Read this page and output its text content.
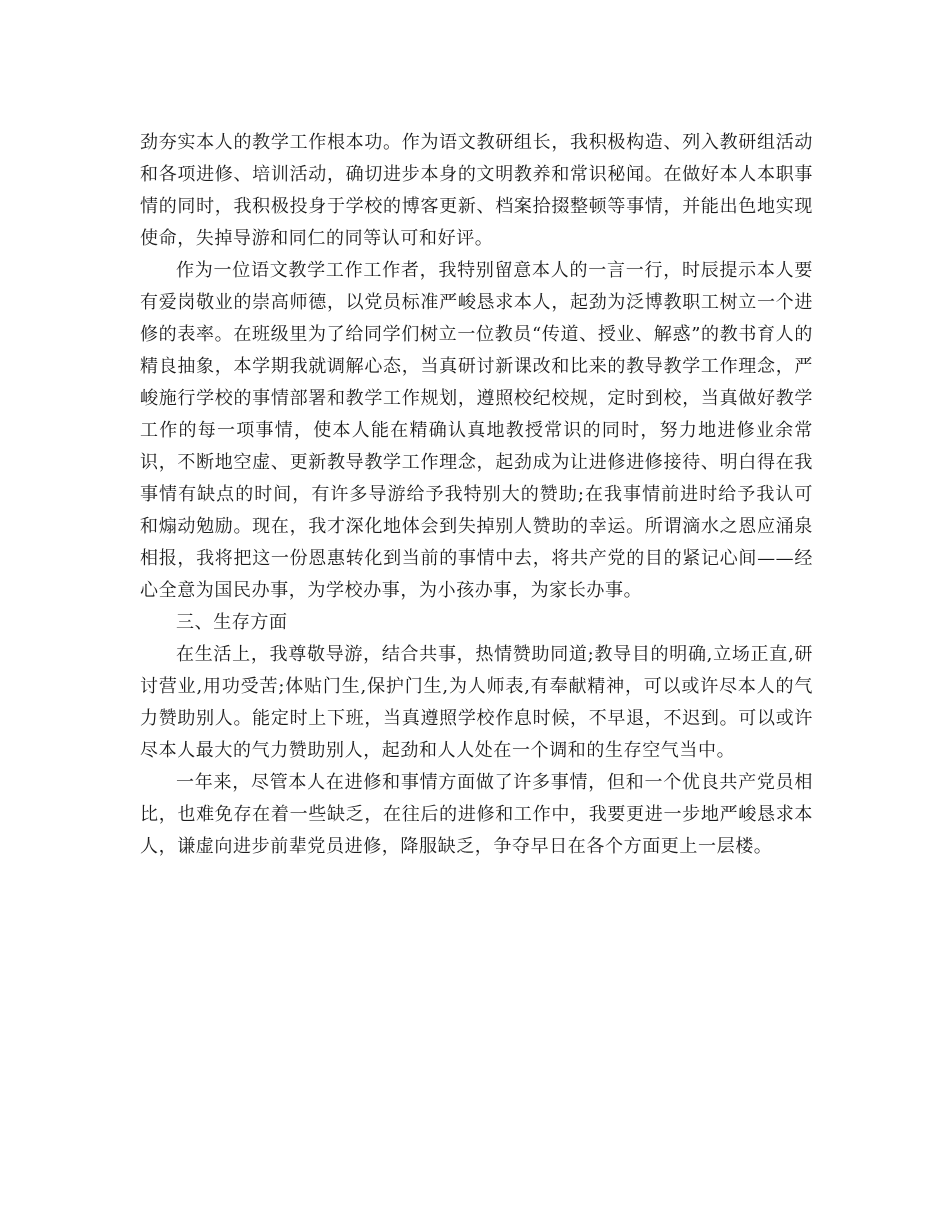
劲夯实本人的教学工作根本功。作为语文教研组长，我积极构造、列入教研组活动和各项进修、培训活动，确切进步本身的文明教养和常识秘闻。在做好本人本职事情的同时，我积极投身于学校的博客更新、档案拾掇整顿等事情，并能出色地实现使命，失掉导游和同仁的同等认可和好评。

作为一位语文教学工作工作者，我特别留意本人的一言一行，时辰提示本人要有爱岗敬业的崇高师德，以党员标准严峻恳求本人，起劲为泛博教职工树立一个进修的表率。在班级里为了给同学们树立一位教员“传道、授业、解惑”的教书育人的精良抽象，本学期我就调解心态，当真研讨新课改和比来的教导教学工作理念，严峻施行学校的事情部署和教学工作规划，遵照校纪校规，定时到校，当真做好教学工作的每一项事情，使本人能在精确认真地教授常识的同时，努力地进修业余常识，不断地空虚、更新教导教学工作理念，起劲成为让进修进修接待、明白得在我事情有缺点的时间，有许多导游给予我特别大的赞助;在我事情前进时给予我认可和煽动勉励。现在，我才深化地体会到失掉别人赞助的幸运。所谓滴水之恩应涌泉相报，我将把这一份恩惠转化到当前的事情中去，将共产党的目的紧记心间——经心全意为国民办事，为学校办事，为小孩办事，为家长办事。

三、生存方面

在生活上，我尊敬导游，结合共事，热情赞助同道;教导目的明确,立场正直,研讨营业,用功受苦;体贴门生,保护门生,为人师表,有奉献精神，可以或许尽本人的气力赞助别人。能定时上下班，当真遵照学校作息时候，不早退，不迟到。可以或许尽本人最大的气力赞助别人，起劲和人人处在一个调和的生存空气当中。

一年来，尽管本人在进修和事情方面做了许多事情，但和一个优良共产党员相比，也难免存在着一些缺乏，在往后的进修和工作中，我要更进一步地严峻恳求本人，谦虚向进步前辈党员进修，降服缺乏，争夺早日在各个方面更上一层楼。
